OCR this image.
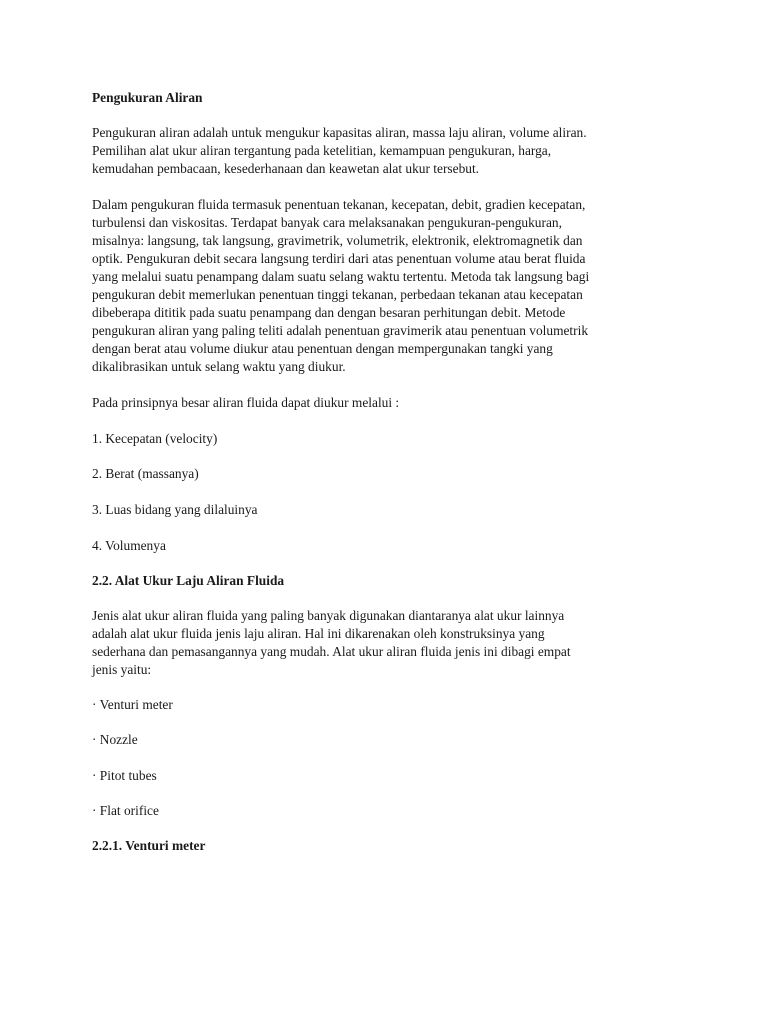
Pengukuran Aliran
Pengukuran aliran adalah untuk mengukur kapasitas aliran, massa laju aliran, volume aliran.
Pemilihan alat ukur aliran tergantung pada ketelitian, kemampuan pengukuran, harga,
kemudahan pembacaan, kesederhanaan dan keawetan alat ukur tersebut.
Dalam pengukuran fluida termasuk penentuan tekanan, kecepatan, debit, gradien kecepatan,
turbulensi dan viskositas. Terdapat banyak cara melaksanakan pengukuran-pengukuran,
misalnya: langsung, tak langsung, gravimetrik, volumetrik, elektronik, elektromagnetik dan
optik. Pengukuran debit secara langsung terdiri dari atas penentuan volume atau berat fluida
yang melalui suatu penampang dalam suatu selang waktu tertentu. Metoda tak langsung bagi
pengukuran debit memerlukan penentuan tinggi tekanan, perbedaan tekanan atau kecepatan
dibeberapa dititik pada suatu penampang dan dengan besaran perhitungan debit. Metode
pengukuran aliran yang paling teliti adalah penentuan gravimerik atau penentuan volumetrik
dengan berat atau volume diukur atau penentuan dengan mempergunakan tangki yang
dikalibrasikan untuk selang waktu yang diukur.
Pada prinsipnya besar aliran fluida dapat diukur melalui :
1. Kecepatan (velocity)
2. Berat (massanya)
3. Luas bidang yang dilaluinya
4. Volumenya
2.2. Alat Ukur Laju Aliran Fluida
Jenis alat ukur aliran fluida yang paling banyak digunakan diantaranya alat ukur lainnya
adalah alat ukur fluida jenis laju aliran. Hal ini dikarenakan oleh konstruksinya yang
sederhana dan pemasangannya yang mudah. Alat ukur aliran fluida jenis ini dibagi empat
jenis yaitu:
· Venturi meter
· Nozzle
· Pitot tubes
· Flat orifice
2.2.1. Venturi meter
